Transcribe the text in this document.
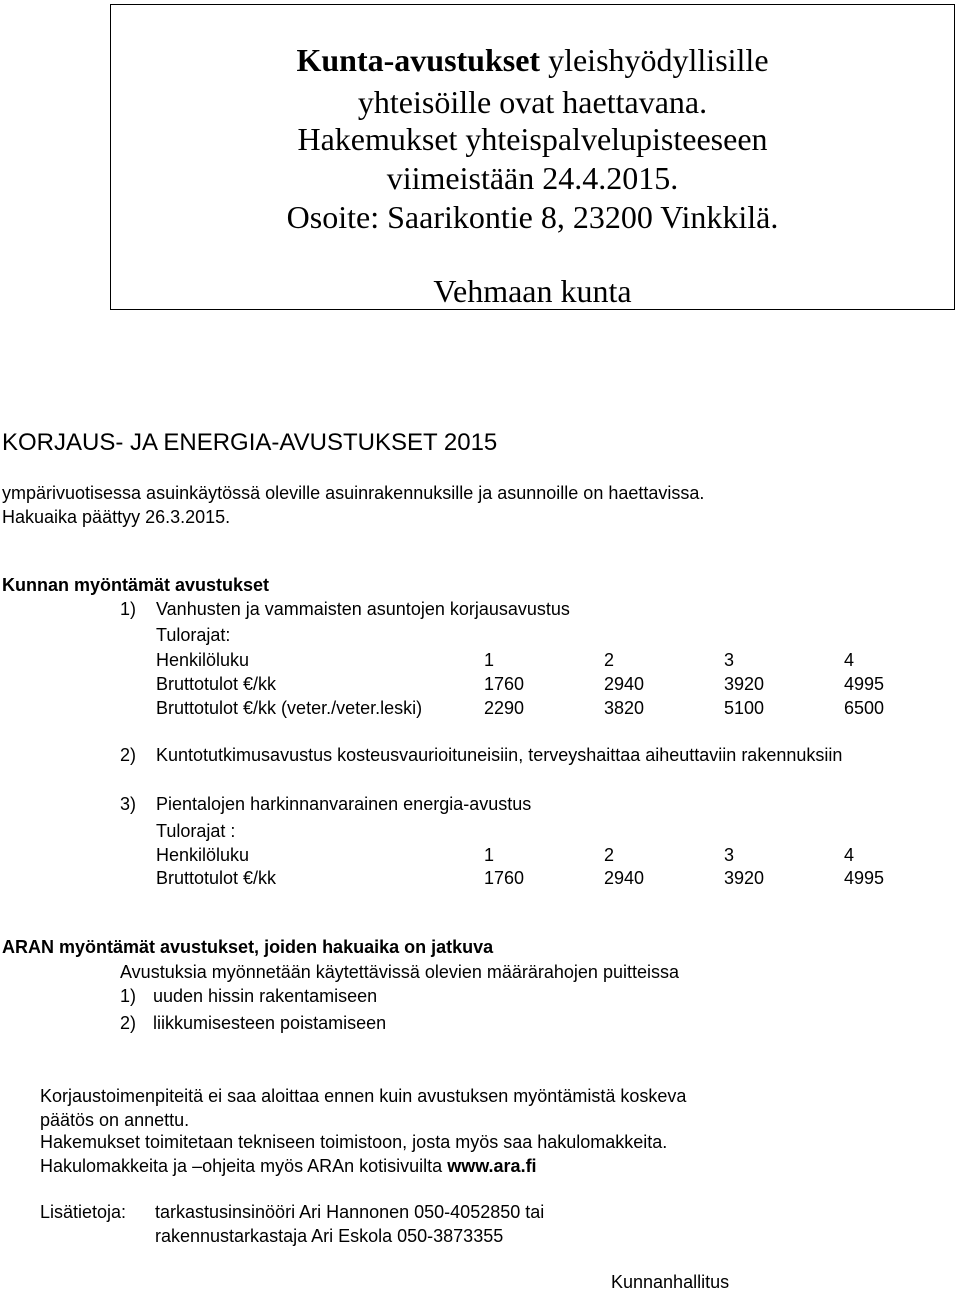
Kunta-avustukset yleishyödyllisille
yhteisöille ovat haettavana.
Hakemukset yhteispalvelupisteeseen
viimeistään 24.4.2015.
Osoite: Saarikontie 8, 23200 Vinkkilä.
Vehmaan kunta
KORJAUS- JA ENERGIA-AVUSTUKSET 2015
ympärivuotisessa asuinkäytössä oleville asuinrakennuksille ja asunnoille on haettavissa.
Hakuaika päättyy 26.3.2015.
Kunnan myöntämät avustukset
1) Vanhusten ja vammaisten asuntojen korjausavustus
Tulorajat:
Henkilöluku	1	2	3	4
Bruttotulot €/kk	1760	2940	3920	4995
Bruttotulot €/kk (veter./veter.leski)	2290	3820	5100	6500
2) Kuntotutkimusavustus kosteusvaurioituneisiin, terveyshaittaa aiheuttaviin rakennuksiin
3) Pientalojen harkinnanvarainen energia-avustus
Tulorajat :
Henkilöluku	1	2	3	4
Bruttotulot €/kk	1760	2940	3920	4995
ARAN myöntämät avustukset, joiden hakuaika on jatkuva
Avustuksia myönnetään käytettävissä olevien määrärahojen puitteissa
1) uuden hissin rakentamiseen
2) liikkumisesteen poistamiseen
Korjaustoimenpiteitä ei saa aloittaa ennen kuin avustuksen myöntämistä koskeva
päätös on annettu.
Hakemukset toimitetaan tekniseen toimistoon, josta myös saa hakulomakkeita.
Hakulomakkeita ja –ohjeita myös ARAn kotisivuilta www.ara.fi
Lisätietoja: tarkastusinsinööri Ari Hannonen 050-4052850 tai
rakennustarkastaja Ari Eskola 050-3873355
Kunnanhallitus
